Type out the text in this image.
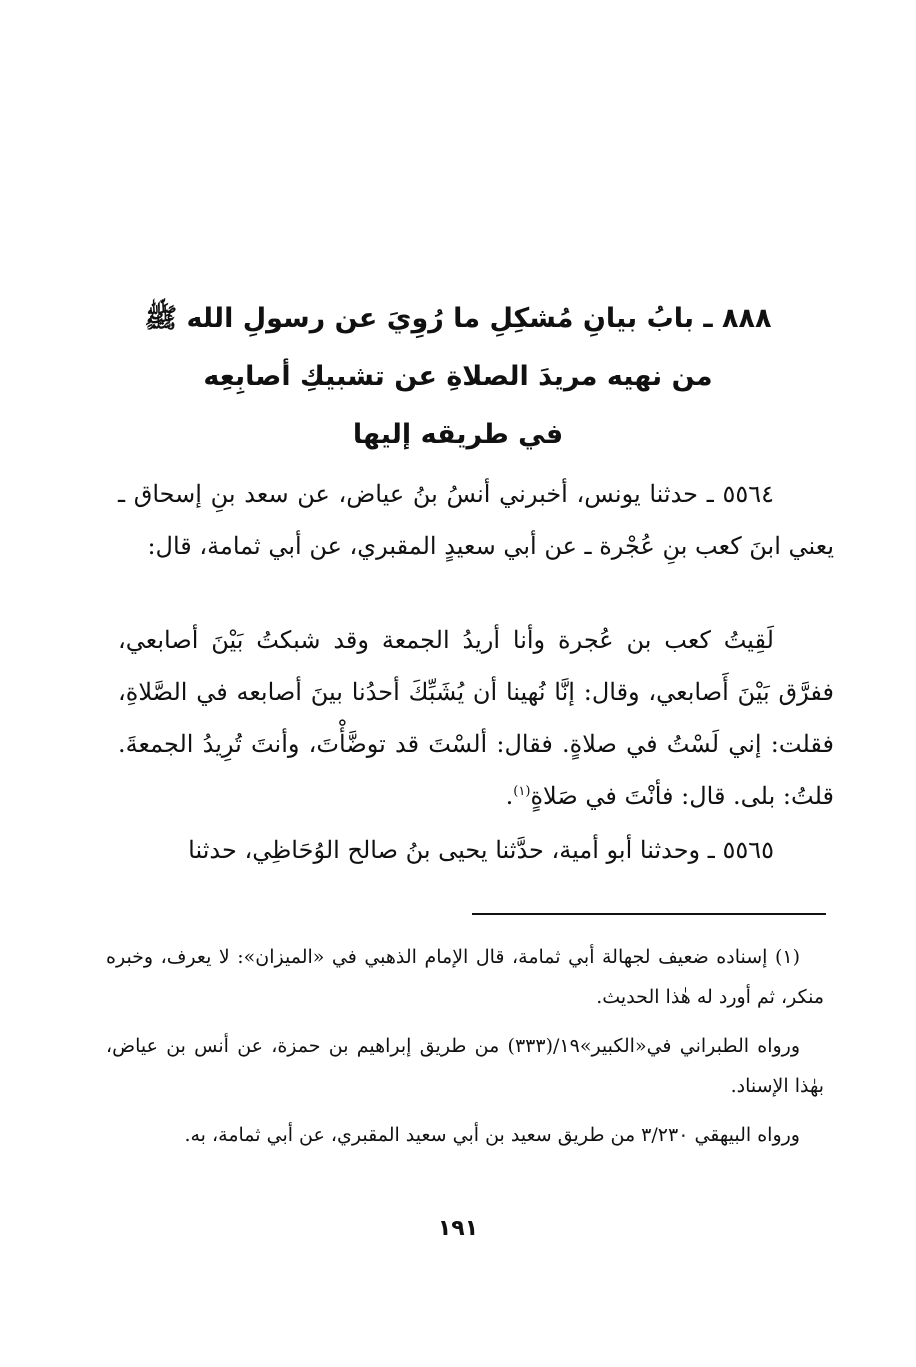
٨٨٨ ـ بابُ بيانِ مُشكِلِ ما رُوِيَ عن رسولِ الله ﷺ
من نهيه مريدَ الصلاةِ عن تشبيكِ أصابِعِه
في طريقه إليها

٥٥٦٤ ـ حدثنا يونس، أخبرني أنسُ بنُ عياض، عن سعد بنِ إسحاق ـ يعني ابنَ كعب بنِ عُجْرة ـ عن أبي سعيدٍ المقبري، عن أبي ثمامة، قال:

لَقِيتُ كعب بن عُجرة وأنا أريدُ الجمعة وقد شبكتُ بَيْنَ أصابعي، ففرَّق بَيْنَ أَصابعي، وقال: إنَّا نُهينا أن يُشَبِّكَ أحدُنا بينَ أصابعه في الصَّلاةِ، فقلت: إني لَسْتُ في صلاةٍ. فقال: ألسْتَ قد توضَّأْتَ، وأنتَ تُرِيدُ الجمعةَ. قلتُ: بلى. قال: فأنْتَ في صَلاةٍ$^{(١)}$.

٥٥٦٥ ـ وحدثنا أبو أمية، حدَّثنا يحيى بنُ صالح الوُحَاظِي، حدثنا

(١) إسناده ضعيف لجهالة أبي ثمامة، قال الإمام الذهبي في «الميزان»: لا يعرف، وخبره منكر، ثم أورد له هٰذا الحديث.

ورواه الطبراني في«الكبير»١٩/(٣٣٣) من طريق إبراهيم بن حمزة، عن أنس بن عياض، بهٰذا الإسناد.

ورواه البيهقي ٣/٢٣٠ من طريق سعيد بن أبي سعيد المقبري، عن أبي ثمامة، به.

١٩١
